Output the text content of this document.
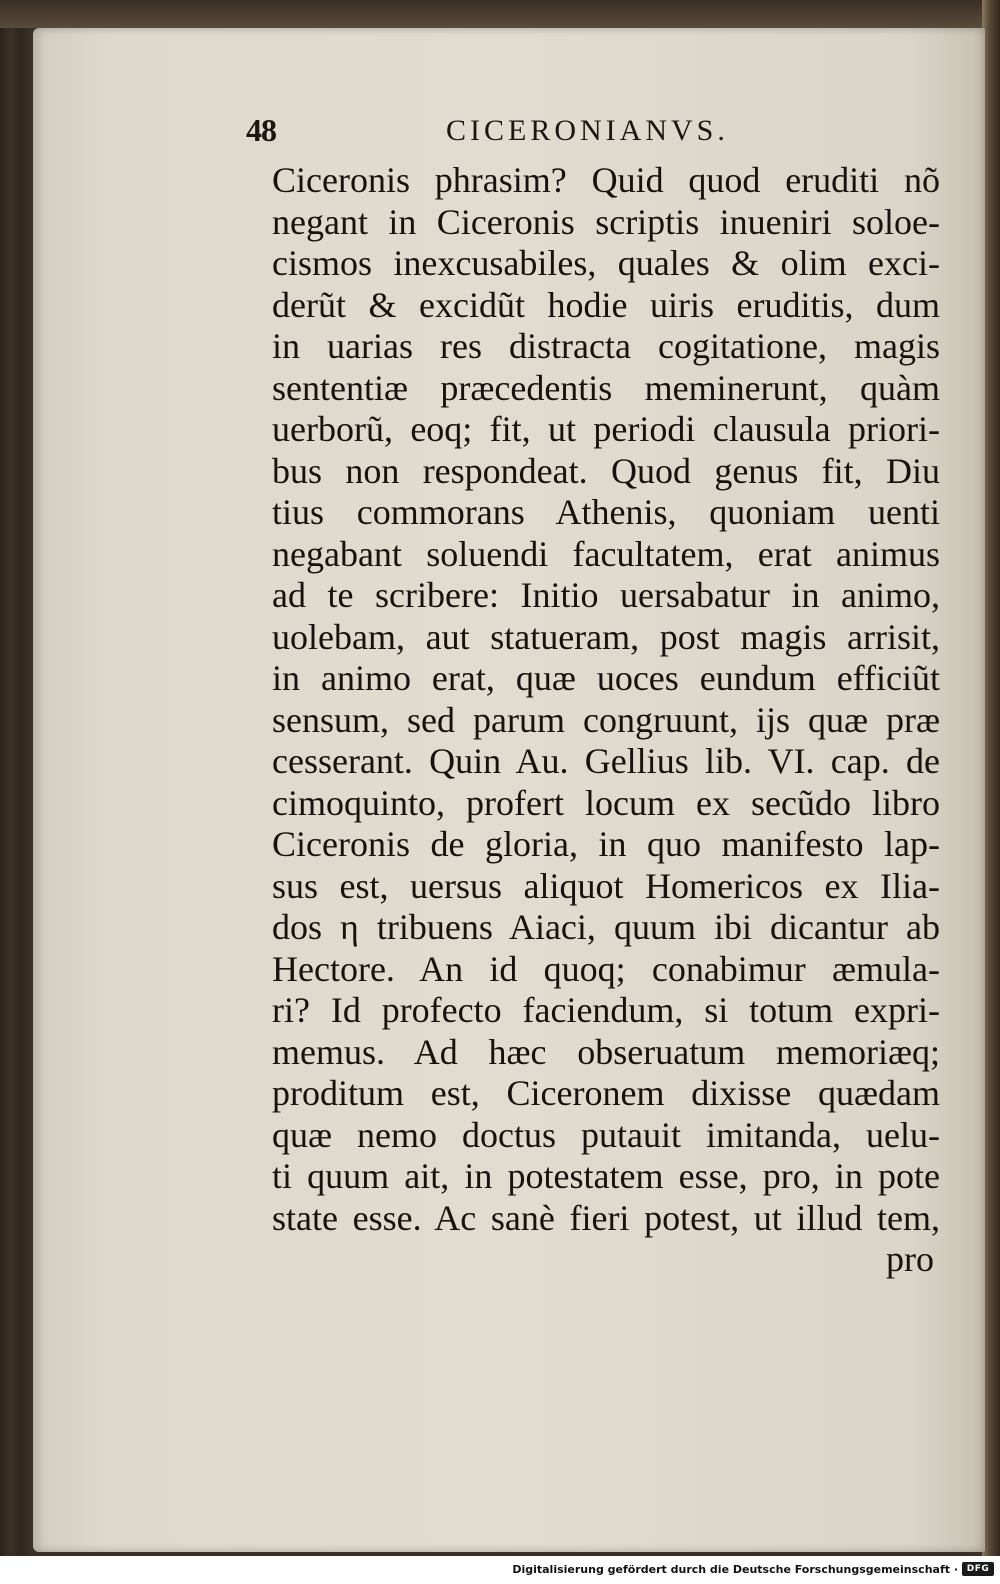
48	CICERONIANVS.
Ciceronis phrasim? Quid quod eruditi nõ
negant in Ciceronis scriptis inueniri soloe-
cismos inexcusabiles, quales & olim exci-
derũt & excidũt hodie uiris eruditis, dum
in uarias res distracta cogitatione, magis
sententiæ præcedentis meminerunt, quàm
uerborũ, eoq; fit, ut periodi clausula priori-
bus non respondeat. Quod genus fit, Diu
tius commorans Athenis, quoniam uenti
negabant soluendi facultatem, erat animus
ad te scribere: Initio uersabatur in animo,
uolebam, aut statueram, post magis arrisit,
in animo erat, quæ uoces eundum efficiũt
sensum, sed parum congruunt, ijs quæ præ
cesserant. Quin Au. Gellius lib. VI. cap. de
cimoquinto, profert locum ex secũdo libro
Ciceronis de gloria, in quo manifesto lap-
sus est, uersus aliquot Homericos ex Ilia-
dos η tribuens Aiaci, quum ibi dicantur ab
Hectore. An id quoq; conabimur æmula-
ri? Id profecto faciendum, si totum expri-
memus. Ad hæc obseruatum memoriæq;
proditum est, Ciceronem dixisse quædam
quæ nemo doctus putauit imitanda, uelu-
ti quum ait, in potestatem esse, pro, in pote
state esse. Ac sanè fieri potest, ut illud tem,
pro
Digitalisierung gefördert durch die Deutsche Forschungsgemeinschaft · DFG
